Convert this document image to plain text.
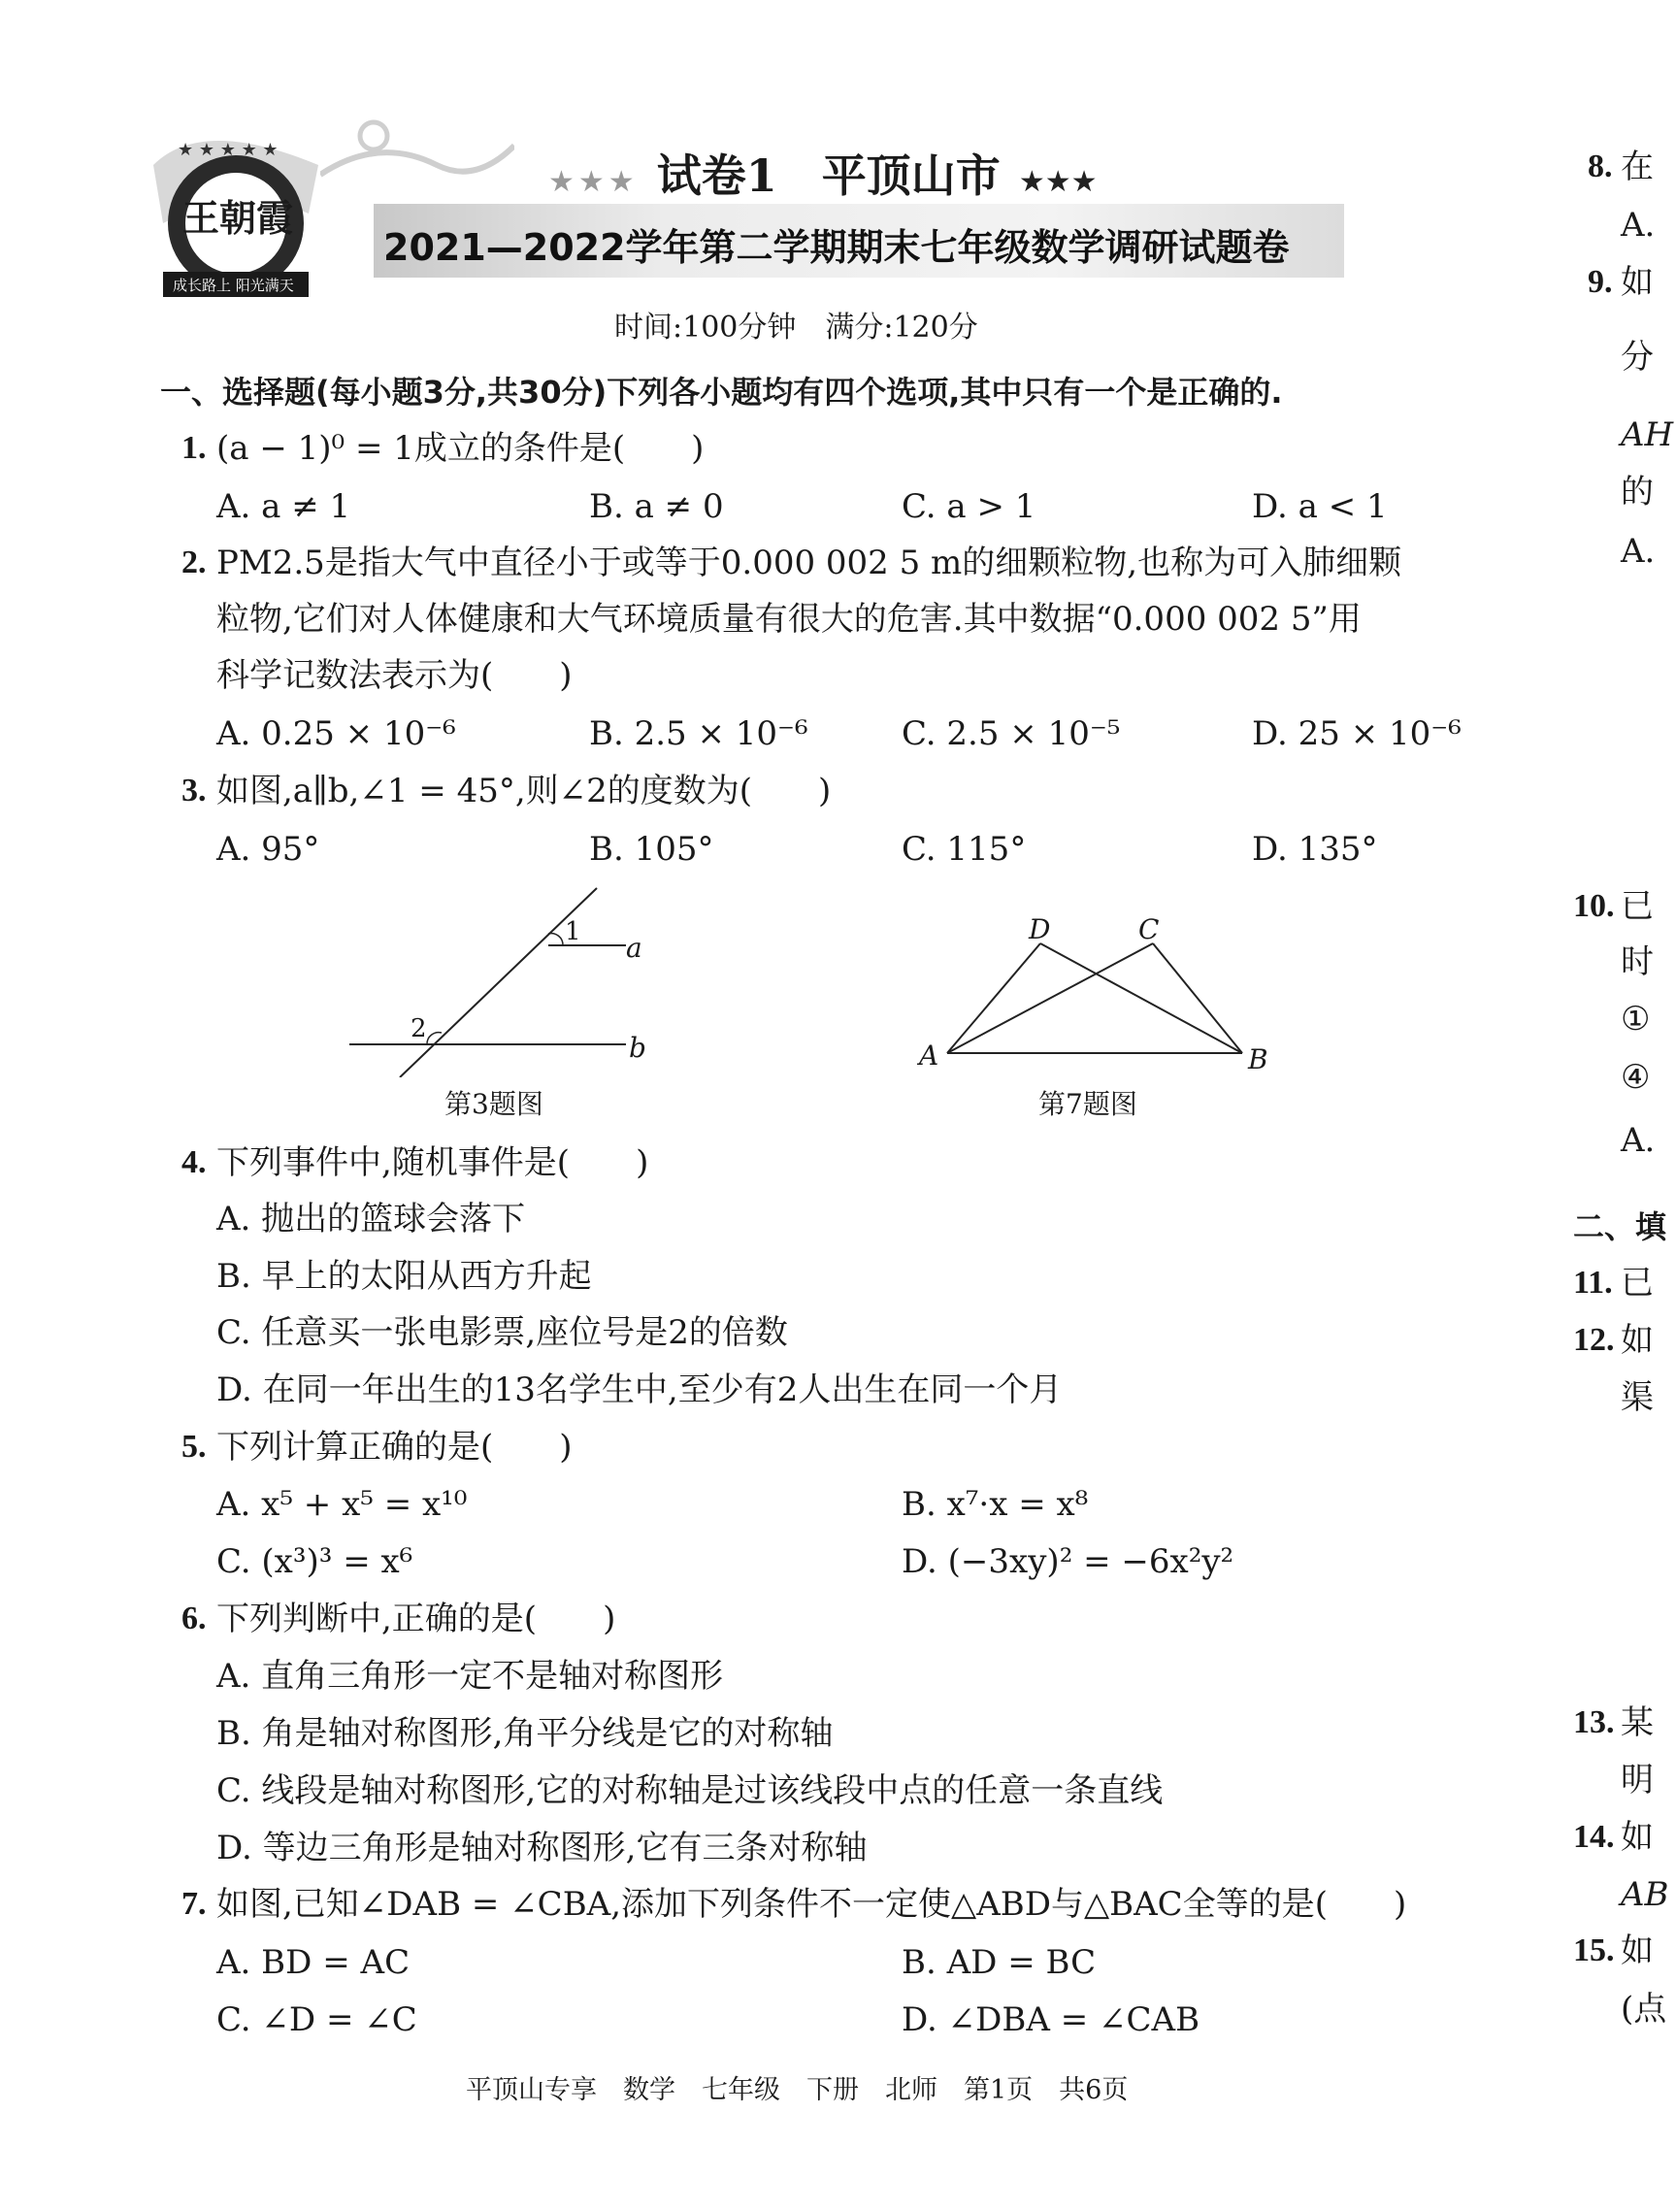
★ ★ ★ ★ ★
王朝霞
成长路上 阳光满天
★★★ 试卷1　平顶山市 ★★★
2021—2022学年第二学期期末七年级数学调研试题卷
时间:100分钟　满分:120分
一、选择题(每小题3分,共30分)下列各小题均有四个选项,其中只有一个是正确的.
1. (a − 1)⁰ = 1成立的条件是(　　)
A. a ≠ 1	B. a ≠ 0	C. a > 1	D. a < 1
2. PM2.5是指大气中直径小于或等于0.000 002 5 m的细颗粒物,也称为可入肺细颗
粒物,它们对人体健康和大气环境质量有很大的危害.其中数据“0.000 002 5”用
科学记数法表示为(　　)
A. 0.25 × 10⁻⁶	B. 2.5 × 10⁻⁶	C. 2.5 × 10⁻⁵	D. 25 × 10⁻⁶
3. 如图,a∥b,∠1 = 45°,则∠2的度数为(　　)
A. 95°	B. 105°	C. 115°	D. 135°
1
2
a
b
第3题图
D	C
A	B
第7题图
4. 下列事件中,随机事件是(　　)
A. 抛出的篮球会落下
B. 早上的太阳从西方升起
C. 任意买一张电影票,座位号是2的倍数
D. 在同一年出生的13名学生中,至少有2人出生在同一个月
5. 下列计算正确的是(　　)
A. x⁵ + x⁵ = x¹⁰	B. x⁷·x = x⁸
C. (x³)³ = x⁶	D. (−3xy)² = −6x²y²
6. 下列判断中,正确的是(　　)
A. 直角三角形一定不是轴对称图形
B. 角是轴对称图形,角平分线是它的对称轴
C. 线段是轴对称图形,它的对称轴是过该线段中点的任意一条直线
D. 等边三角形是轴对称图形,它有三条对称轴
7. 如图,已知∠DAB = ∠CBA,添加下列条件不一定使△ABD与△BAC全等的是(　　)
A. BD = AC	B. AD = BC
C. ∠D = ∠C	D. ∠DBA = ∠CAB
8. 在
A.
9. 如
分
AH
的
A.
10. 已
时
①
④
A.
二、填
11. 已
12. 如
渠
13. 某
明
14. 如
AB
15. 如
(点
平顶山专享　数学　七年级　下册　北师　第1页　共6页
